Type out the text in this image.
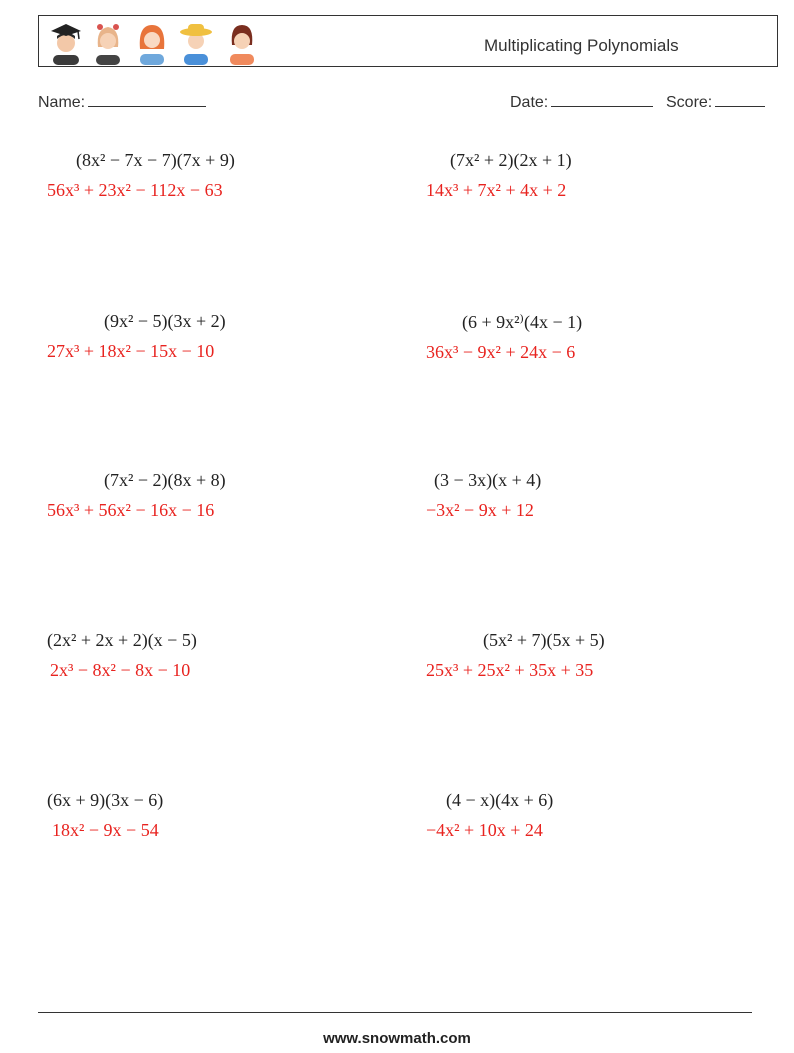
Multiplicating Polynomials
Name:	Date:	Score:
(8x² − 7x − 7)(7x + 9)
56x³ + 23x² − 112x − 63
(7x² + 2)(2x + 1)
14x³ + 7x² + 4x + 2
(9x² − 5)(3x + 2)
27x³ + 18x² − 15x − 10
(6 + 9x²⁾(4x − 1)
36x³ − 9x² + 24x − 6
(7x² − 2)(8x + 8)
56x³ + 56x² − 16x − 16
(3 − 3x)(x + 4)
−3x² − 9x + 12
(2x² + 2x + 2)(x − 5)
2x³ − 8x² − 8x − 10
(5x² + 7)(5x + 5)
25x³ + 25x² + 35x + 35
(6x + 9)(3x − 6)
18x² − 9x − 54
(4 − x)(4x + 6)
−4x² + 10x + 24
www.snowmath.com
